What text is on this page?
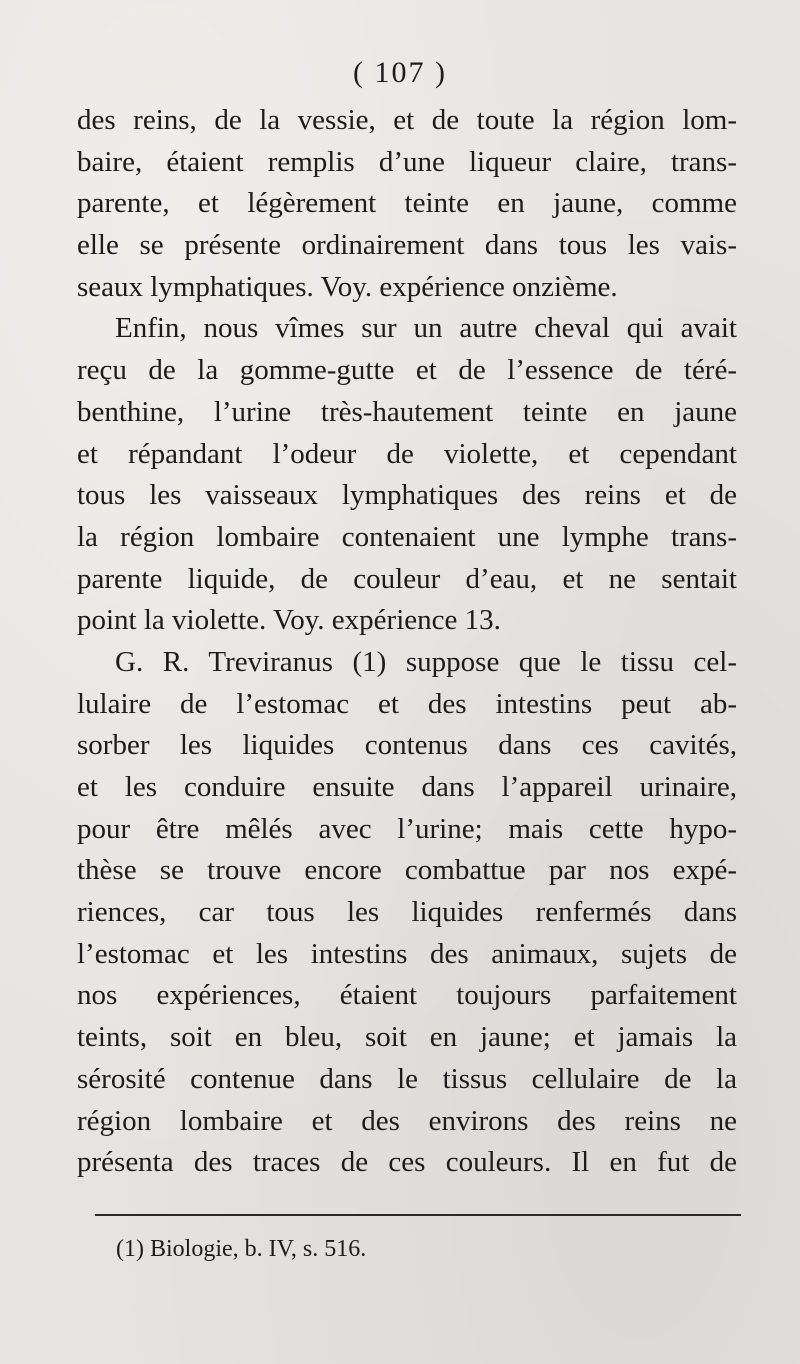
( 107 )
des reins, de la vessie, et de toute la région lom-
baire, étaient remplis d’une liqueur claire, trans-
parente, et légèrement teinte en jaune, comme
elle se présente ordinairement dans tous les vais-
seaux lymphatiques. Voy. expérience onzième.
Enfin, nous vîmes sur un autre cheval qui avait
reçu de la gomme-gutte et de l’essence de téré-
benthine, l’urine très-hautement teinte en jaune
et répandant l’odeur de violette, et cependant
tous les vaisseaux lymphatiques des reins et de
la région lombaire contenaient une lymphe trans-
parente liquide, de couleur d’eau, et ne sentait
point la violette. Voy. expérience 13.
G. R. Treviranus (1) suppose que le tissu cel-
lulaire de l’estomac et des intestins peut ab-
sorber les liquides contenus dans ces cavités,
et les conduire ensuite dans l’appareil urinaire,
pour être mêlés avec l’urine; mais cette hypo-
thèse se trouve encore combattue par nos expé-
riences, car tous les liquides renfermés dans
l’estomac et les intestins des animaux, sujets de
nos expériences, étaient toujours parfaitement
teints, soit en bleu, soit en jaune; et jamais la
sérosité contenue dans le tissus cellulaire de la
région lombaire et des environs des reins ne
présenta des traces de ces couleurs. Il en fut de
(1) Biologie, b. IV, s. 516.
